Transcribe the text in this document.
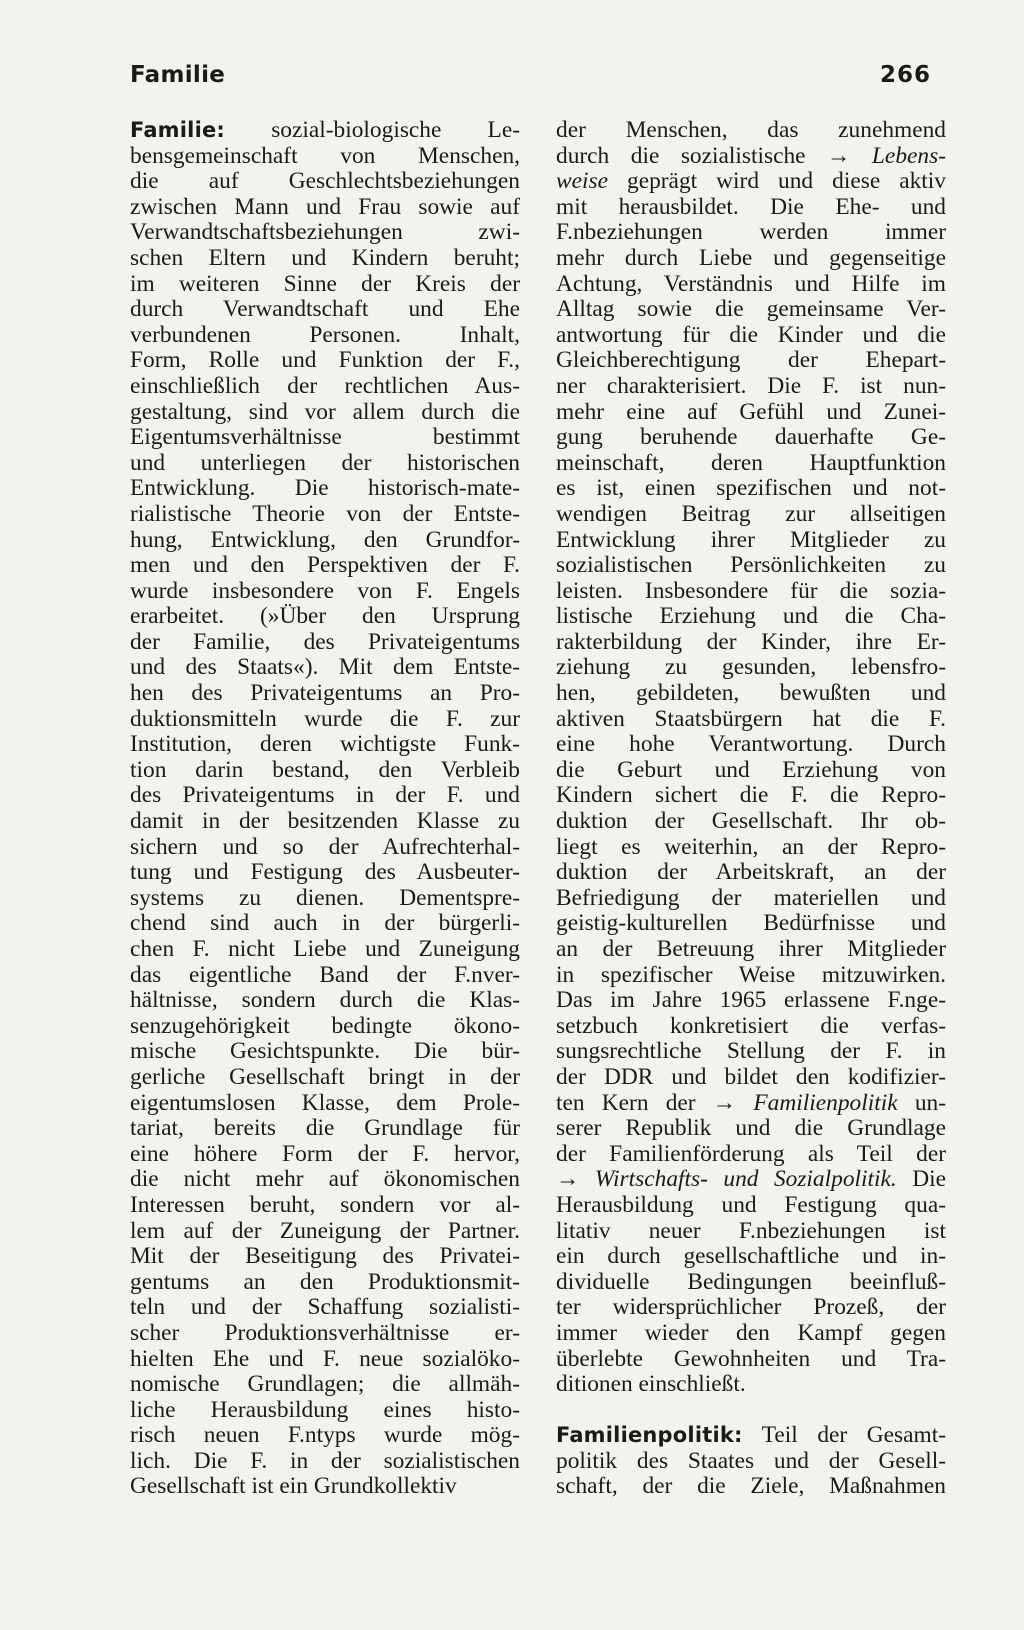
Familie	266
Familie: sozial-biologische Le-
bensgemeinschaft von Menschen,
die auf Geschlechtsbeziehungen
zwischen Mann und Frau sowie auf
Verwandtschaftsbeziehungen zwi-
schen Eltern und Kindern beruht;
im weiteren Sinne der Kreis der
durch Verwandtschaft und Ehe
verbundenen Personen. Inhalt,
Form, Rolle und Funktion der F.,
einschließlich der rechtlichen Aus-
gestaltung, sind vor allem durch die
Eigentumsverhältnisse bestimmt
und unterliegen der historischen
Entwicklung. Die historisch-mate-
rialistische Theorie von der Entste-
hung, Entwicklung, den Grundfor-
men und den Perspektiven der F.
wurde insbesondere von F. Engels
erarbeitet. (»Über den Ursprung
der Familie, des Privateigentums
und des Staats«). Mit dem Entste-
hen des Privateigentums an Pro-
duktionsmitteln wurde die F. zur
Institution, deren wichtigste Funk-
tion darin bestand, den Verbleib
des Privateigentums in der F. und
damit in der besitzenden Klasse zu
sichern und so der Aufrechterhal-
tung und Festigung des Ausbeuter-
systems zu dienen. Dementspre-
chend sind auch in der bürgerli-
chen F. nicht Liebe und Zuneigung
das eigentliche Band der F.nver-
hältnisse, sondern durch die Klas-
senzugehörigkeit bedingte ökono-
mische Gesichtspunkte. Die bür-
gerliche Gesellschaft bringt in der
eigentumslosen Klasse, dem Prole-
tariat, bereits die Grundlage für
eine höhere Form der F. hervor,
die nicht mehr auf ökonomischen
Interessen beruht, sondern vor al-
lem auf der Zuneigung der Partner.
Mit der Beseitigung des Privatei-
gentums an den Produktionsmit-
teln und der Schaffung sozialisti-
scher Produktionsverhältnisse er-
hielten Ehe und F. neue sozialöko-
nomische Grundlagen; die allmäh-
liche Herausbildung eines histo-
risch neuen F.ntyps wurde mög-
lich. Die F. in der sozialistischen
Gesellschaft ist ein Grundkollektiv
der Menschen, das zunehmend
durch die sozialistische → Lebens-
weise geprägt wird und diese aktiv
mit herausbildet. Die Ehe- und
F.nbeziehungen werden immer
mehr durch Liebe und gegenseitige
Achtung, Verständnis und Hilfe im
Alltag sowie die gemeinsame Ver-
antwortung für die Kinder und die
Gleichberechtigung der Ehepart-
ner charakterisiert. Die F. ist nun-
mehr eine auf Gefühl und Zunei-
gung beruhende dauerhafte Ge-
meinschaft, deren Hauptfunktion
es ist, einen spezifischen und not-
wendigen Beitrag zur allseitigen
Entwicklung ihrer Mitglieder zu
sozialistischen Persönlichkeiten zu
leisten. Insbesondere für die sozia-
listische Erziehung und die Cha-
rakterbildung der Kinder, ihre Er-
ziehung zu gesunden, lebensfro-
hen, gebildeten, bewußten und
aktiven Staatsbürgern hat die F.
eine hohe Verantwortung. Durch
die Geburt und Erziehung von
Kindern sichert die F. die Repro-
duktion der Gesellschaft. Ihr ob-
liegt es weiterhin, an der Repro-
duktion der Arbeitskraft, an der
Befriedigung der materiellen und
geistig-kulturellen Bedürfnisse und
an der Betreuung ihrer Mitglieder
in spezifischer Weise mitzuwirken.
Das im Jahre 1965 erlassene F.nge-
setzbuch konkretisiert die verfas-
sungsrechtliche Stellung der F. in
der DDR und bildet den kodifizier-
ten Kern der → Familienpolitik un-
serer Republik und die Grundlage
der Familienförderung als Teil der
→ Wirtschafts- und Sozialpolitik. Die
Herausbildung und Festigung qua-
litativ neuer F.nbeziehungen ist
ein durch gesellschaftliche und in-
dividuelle Bedingungen beeinfluß-
ter widersprüchlicher Prozeß, der
immer wieder den Kampf gegen
überlebte Gewohnheiten und Tra-
ditionen einschließt.
Familienpolitik: Teil der Gesamt-
politik des Staates und der Gesell-
schaft, der die Ziele, Maßnahmen
